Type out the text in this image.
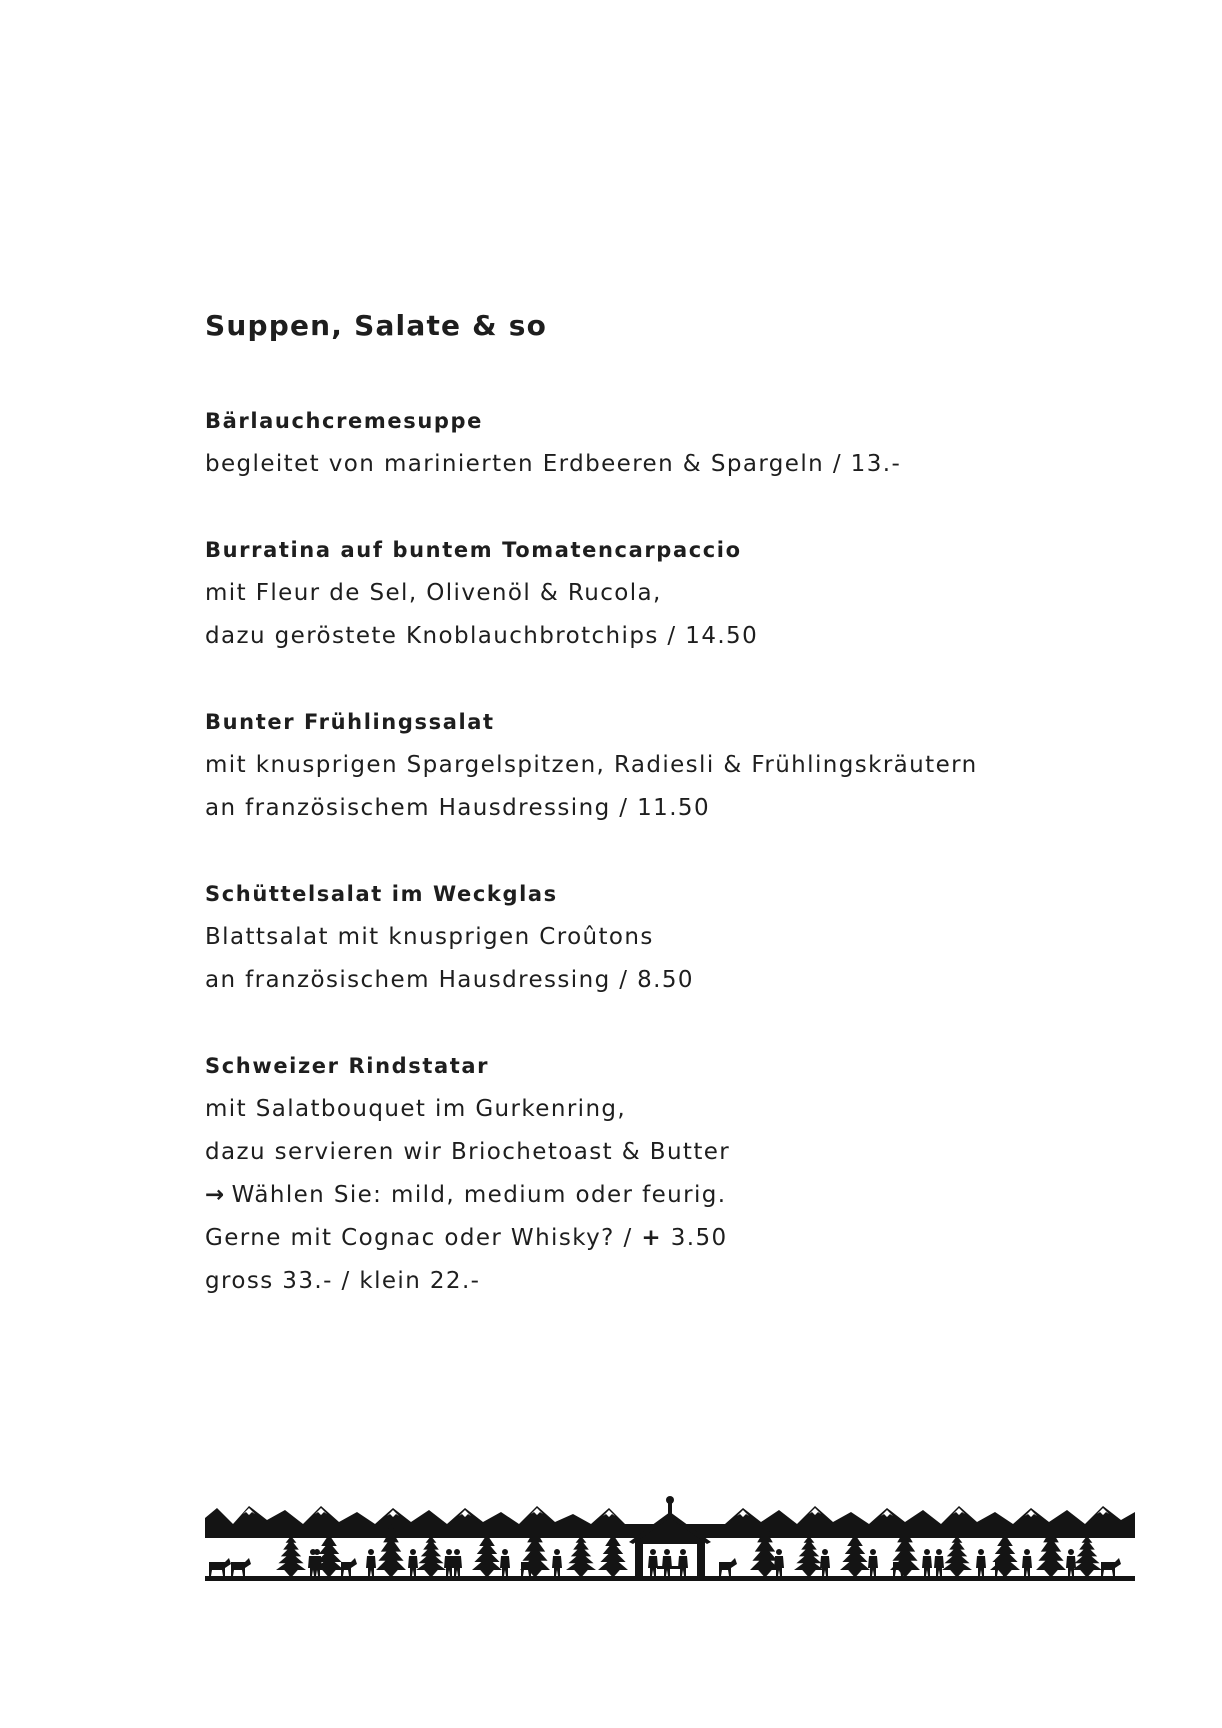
Suppen, Salate & so

Bärlauchcremesuppe

begleitet von marinierten Erdbeeren & Spargeln / 13.-

Burratina auf buntem Tomatencarpaccio

mit Fleur de Sel, Olivenöl & Rucola,

dazu geröstete Knoblauchbrotchips / 14.50

Bunter Frühlingssalat

mit knusprigen Spargelspitzen, Radiesli & Frühlingskräutern

an französischem Hausdressing / 11.50

Schüttelsalat im Weckglas

Blattsalat mit knusprigen Croûtons

an französischem Hausdressing / 8.50

Schweizer Rindstatar

mit Salatbouquet im Gurkenring,

dazu servieren wir Briochetoast & Butter

→ Wählen Sie: mild, medium oder feurig.

Gerne mit Cognac oder Whisky? / + 3.50

gross 33.- / klein 22.-
